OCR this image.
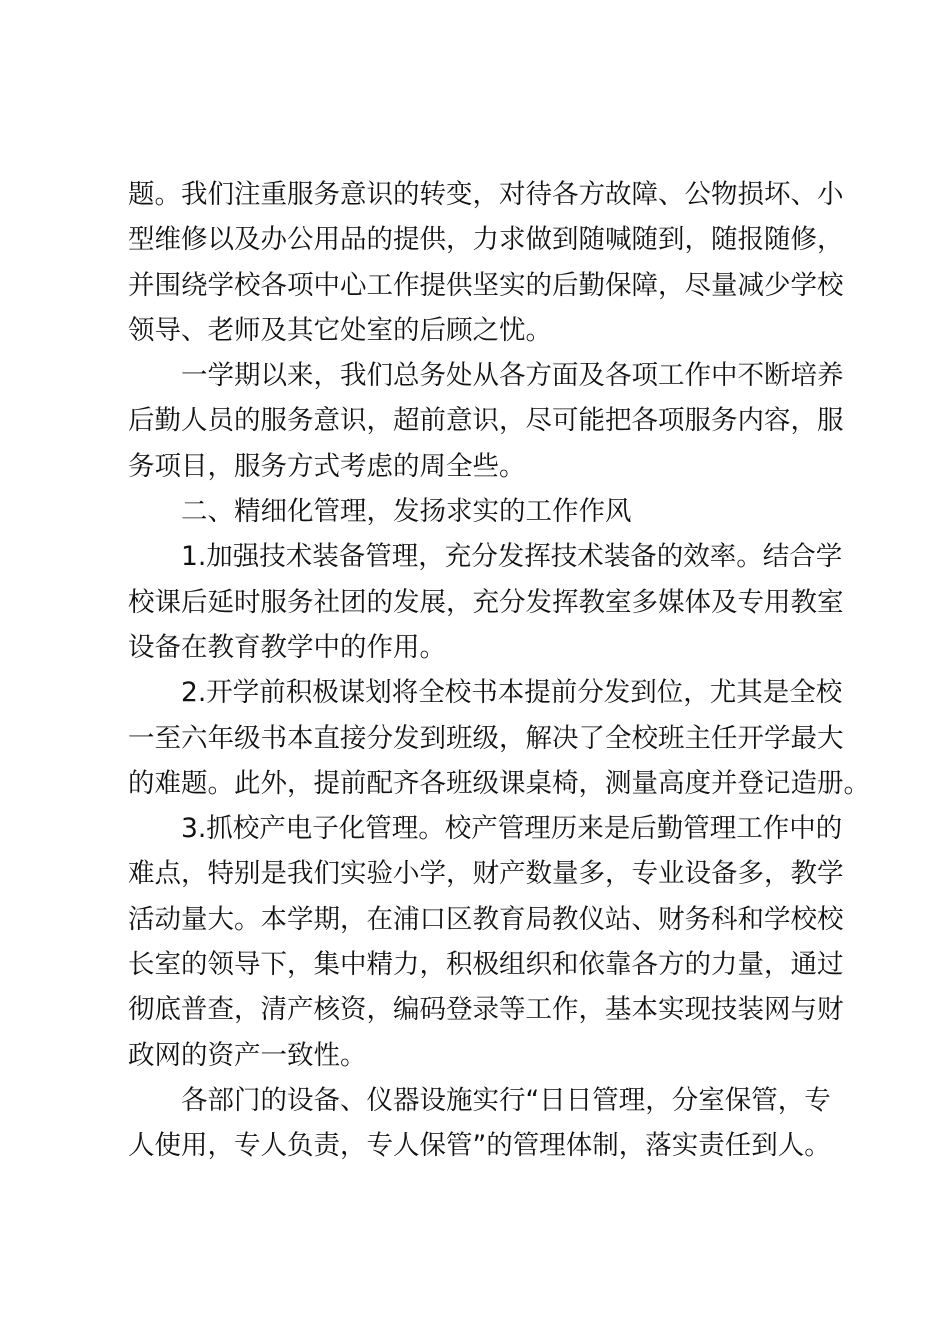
题。我们注重服务意识的转变，对待各方故障、公物损坏、小
型维修以及办公用品的提供，力求做到随喊随到，随报随修，
并围绕学校各项中心工作提供坚实的后勤保障，尽量减少学校
领导、老师及其它处室的后顾之忧。
一学期以来，我们总务处从各方面及各项工作中不断培养
后勤人员的服务意识，超前意识，尽可能把各项服务内容，服
务项目，服务方式考虑的周全些。
二、精细化管理，发扬求实的工作作风
1.加强技术装备管理，充分发挥技术装备的效率。结合学
校课后延时服务社团的发展，充分发挥教室多媒体及专用教室
设备在教育教学中的作用。
2.开学前积极谋划将全校书本提前分发到位，尤其是全校
一至六年级书本直接分发到班级，解决了全校班主任开学最大
的难题。此外，提前配齐各班级课桌椅，测量高度并登记造册。
3.抓校产电子化管理。校产管理历来是后勤管理工作中的
难点，特别是我们实验小学，财产数量多，专业设备多，教学
活动量大。本学期，在浦口区教育局教仪站、财务科和学校校
长室的领导下，集中精力，积极组织和依靠各方的力量，通过
彻底普查，清产核资，编码登录等工作，基本实现技装网与财
政网的资产一致性。
各部门的设备、仪器设施实行“日日管理，分室保管，专
人使用，专人负责，专人保管”的管理体制，落实责任到人。
